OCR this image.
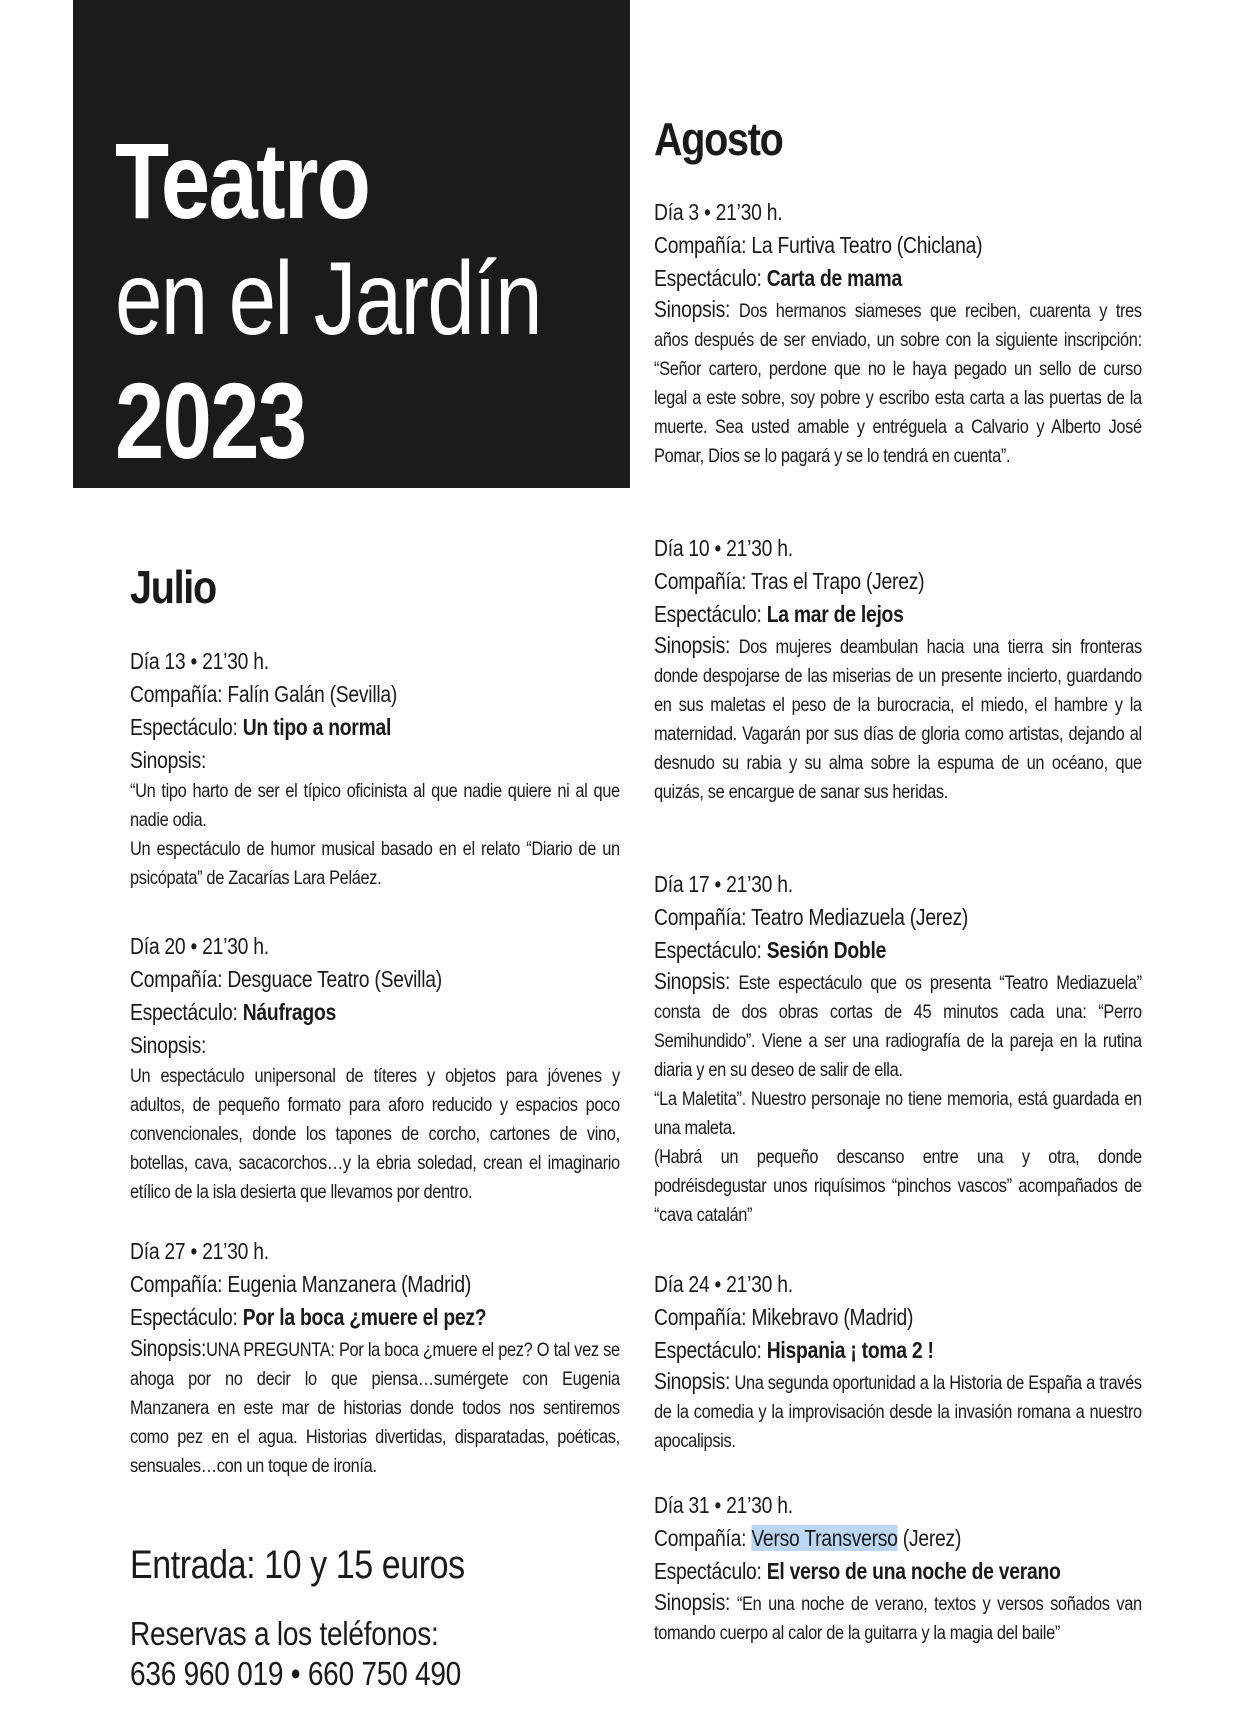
Teatro
en el Jardín
2023
Agosto
Día 3 • 21’30 h.
Compañía: La Furtiva Teatro (Chiclana)
Espectáculo: Carta de mama
Sinopsis: Dos hermanos siameses que reciben, cuarenta y tres años después de ser enviado, un sobre con la siguiente inscripción: “Señor cartero, perdone que no le haya pegado un sello de curso legal a este sobre, soy pobre y escribo esta carta a las puertas de la muerte. Sea usted amable y entréguela a Calvario y Alberto José Pomar, Dios se lo pagará y se lo tendrá en cuenta”.
Día 10 • 21’30 h.
Compañía: Tras el Trapo (Jerez)
Espectáculo: La mar de lejos
Sinopsis: Dos mujeres deambulan hacia una tierra sin fronteras donde despojarse de las miserias de un presente incierto, guardando en sus maletas el peso de la burocracia, el miedo, el hambre y la maternidad. Vagarán por sus días de gloria como artistas, dejando al desnudo su rabia y su alma sobre la espuma de un océano, que quizás, se encargue de sanar sus heridas.
Día 17 • 21’30 h.
Compañía: Teatro Mediazuela (Jerez)
Espectáculo: Sesión Doble
Sinopsis: Este espectáculo que os presenta “Teatro Mediazuela” consta de dos obras cortas de 45 minutos cada una: “Perro Semihundido”. Viene a ser una radiografía de la pareja en la rutina diaria y en su deseo de salir de ella.
“La Maletita”. Nuestro personaje no tiene memoria, está guardada en una maleta.
(Habrá un pequeño descanso entre una y otra, donde podréisdegustar unos riquísimos “pinchos vascos” acompañados de “cava catalán”
Día 24 • 21’30 h.
Compañía: Mikebravo (Madrid)
Espectáculo: Hispania ¡ toma 2 !
Sinopsis: Una segunda oportunidad a la Historia de España a través de la comedia y la improvisación desde la invasión romana a nuestro apocalipsis.
Día 31 • 21’30 h.
Compañía: Verso Transverso (Jerez)
Espectáculo: El verso de una noche de verano
Sinopsis: “En una noche de verano, textos y versos soñados van tomando cuerpo al calor de la guitarra y la magia del baile”
Julio
Día 13 • 21’30 h.
Compañía: Falín Galán (Sevilla)
Espectáculo: Un tipo a normal
Sinopsis:
“Un tipo harto de ser el típico oficinista al que nadie quiere ni al que nadie odia.
Un espectáculo de humor musical basado en el relato “Diario de un psicópata” de Zacarías Lara Peláez.
Día 20 • 21’30 h.
Compañía: Desguace Teatro (Sevilla)
Espectáculo: Náufragos
Sinopsis:
Un espectáculo unipersonal de títeres y objetos para jóvenes y adultos, de pequeño formato para aforo reducido y espacios poco convencionales, donde los tapones de corcho, cartones de vino, botellas, cava, sacacorchos…y la ebria soledad, crean el imaginario etílico de la isla desierta que llevamos por dentro.
Día 27 • 21’30 h.
Compañía: Eugenia Manzanera (Madrid)
Espectáculo: Por la boca ¿muere el pez?
Sinopsis:UNA PREGUNTA: Por la boca ¿muere el pez? O tal vez se ahoga por no decir lo que piensa…sumérgete con Eugenia Manzanera en este mar de historias donde todos nos sentiremos como pez en el agua. Historias divertidas, disparatadas, poéticas, sensuales…con un toque de ironía.
Entrada: 10 y 15 euros
Reservas a los teléfonos:
636 960 019 • 660 750 490
